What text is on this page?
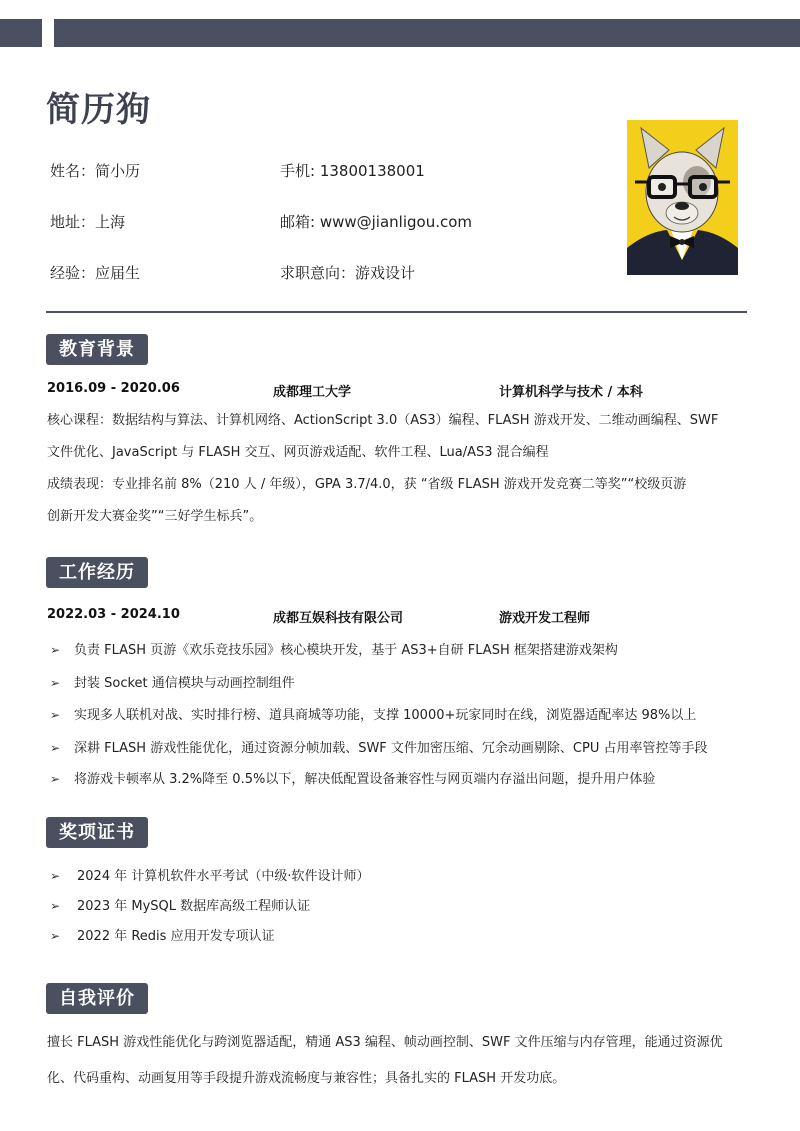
简历狗
姓名：简小历	手机: 13800138001
地址：上海	邮箱: www@jianligou.com
经验：应届生	求职意向：游戏设计
教育背景
2016.09 - 2020.06	成都理工大学	计算机科学与技术 / 本科
核心课程：数据结构与算法、计算机网络、ActionScript 3.0（AS3）编程、FLASH 游戏开发、二维动画编程、SWF
文件优化、JavaScript 与 FLASH 交互、网页游戏适配、软件工程、Lua/AS3 混合编程
成绩表现：专业排名前 8%（210 人 / 年级），GPA 3.7/4.0，获 “省级 FLASH 游戏开发竞赛二等奖”“校级页游
创新开发大赛金奖”“三好学生标兵”。
工作经历
2022.03 - 2024.10	成都互娱科技有限公司	游戏开发工程师
➢ 负责 FLASH 页游《欢乐竞技乐园》核心模块开发，基于 AS3+自研 FLASH 框架搭建游戏架构
➢ 封装 Socket 通信模块与动画控制组件
➢ 实现多人联机对战、实时排行榜、道具商城等功能，支撑 10000+玩家同时在线，浏览器适配率达 98%以上
➢ 深耕 FLASH 游戏性能优化，通过资源分帧加载、SWF 文件加密压缩、冗余动画剔除、CPU 占用率管控等手段
➢ 将游戏卡顿率从 3.2%降至 0.5%以下，解决低配置设备兼容性与网页端内存溢出问题，提升用户体验
奖项证书
➢ 2024 年 计算机软件水平考试（中级·软件设计师）
➢ 2023 年 MySQL 数据库高级工程师认证
➢ 2022 年 Redis 应用开发专项认证
自我评价
擅长 FLASH 游戏性能优化与跨浏览器适配，精通 AS3 编程、帧动画控制、SWF 文件压缩与内存管理，能通过资源优
化、代码重构、动画复用等手段提升游戏流畅度与兼容性；具备扎实的 FLASH 开发功底。
